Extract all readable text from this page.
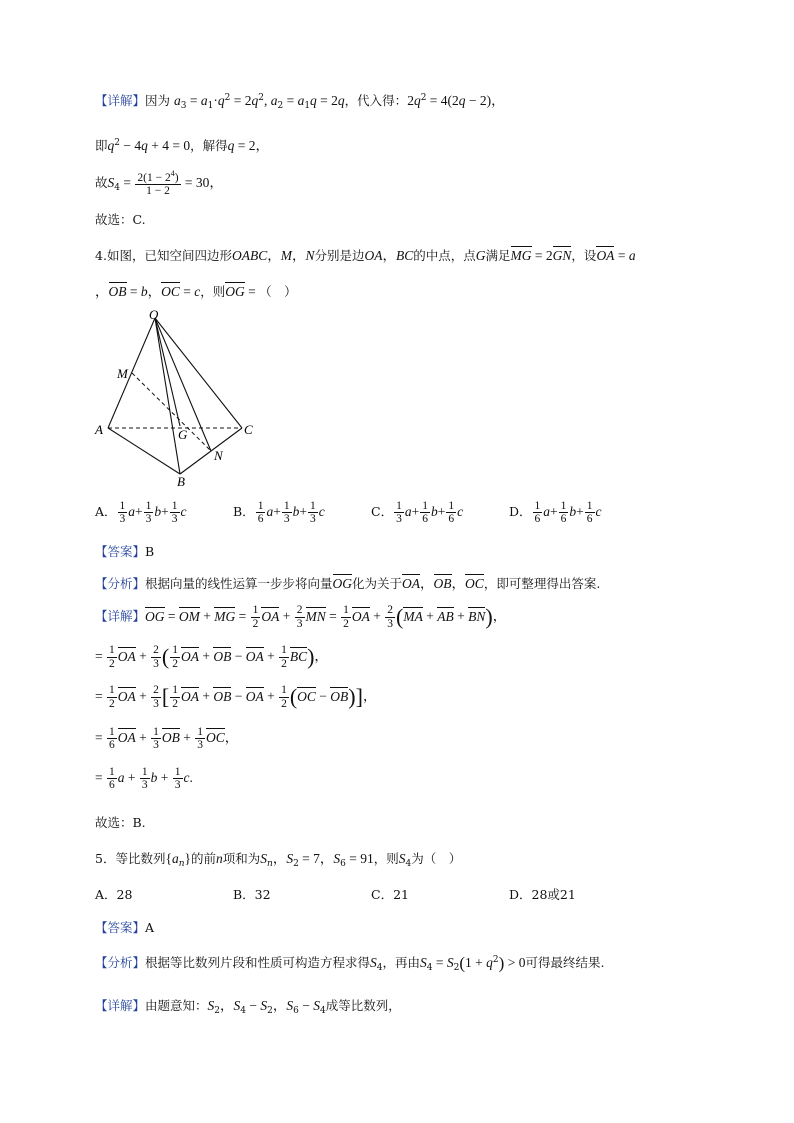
【详解】因为 $a_3 = a_1\cdot q^2 = 2q^2$, $a_2 = a_1q = 2q$，代入得：$2q^2 = 4(2q - 2)$，
即$q^2 - 4q + 4 = 0$，解得q = 2，
故$S_4 = \frac{2(1 - 2^4)}{1 - 2} = 30$，
故选：C.
4.如图，已知空间四边形OABC，M，N分别是边OA，BC的中点，点G满足MG = 2GN，设OA = a
，OB = b，OC = c，则OG = （　）
O
M
A	G	C
N
B
A． $\frac{1}{3} a+ \frac{1}{3} b+ \frac{1}{3}$ c	B． $\frac{1}{6} a+ \frac{1}{3} b+ \frac{1}{3}$ c	C． $\frac{1}{3} a+ \frac{1}{6} b+ \frac{1}{6}$ c	D． $\frac{1}{6} a+ \frac{1}{6} b+ \frac{1}{6}$ c
【答案】B
【分析】根据向量的线性运算一步步将向量OG化为关于OA，OB，OC，即可整理得出答案.
【详解】OG = OM + MG = $\frac{1}{2}$ OA + $\frac{2}{3}$ MN = $\frac{1}{2}$ OA + $\frac{2}{3} (MA$ + AB + BN)，
= $\frac{1}{2}$ OA + $\frac{2}{3}$ ( $\frac{1}{2}$ OA + OB − OA + $\frac{1}{2} BC$)，
= $\frac{1}{2}$ OA + $\frac{2}{3}$ [ $\frac{1}{2}$ OA + OB − OA + $\frac{1}{2} (OC - OB)$]，
= $\frac{1}{6}$ OA + $\frac{1}{3}$ OB + $\frac{1}{3}$ OC，
= $\frac{1}{6}$ $a + \frac{1}{3}$ $b + \frac{1}{3} c$.
故选：B.
5．等比数列$\{a_n\}$的前n项和为$S_n$，$S_2 = 7$，$S_6 = 91$，则$S_4$为（　）
A．28	B．32	C．21	D．28或21
【答案】A
【分析】根据等比数列片段和性质可构造方程求得$S_4$，再由$S_4 = S_2(1 + q^2) > 0$可得最终结果.
【详解】由题意知：$S_2$，$S_4 - S_2$，$S_6 - S_4$成等比数列，
